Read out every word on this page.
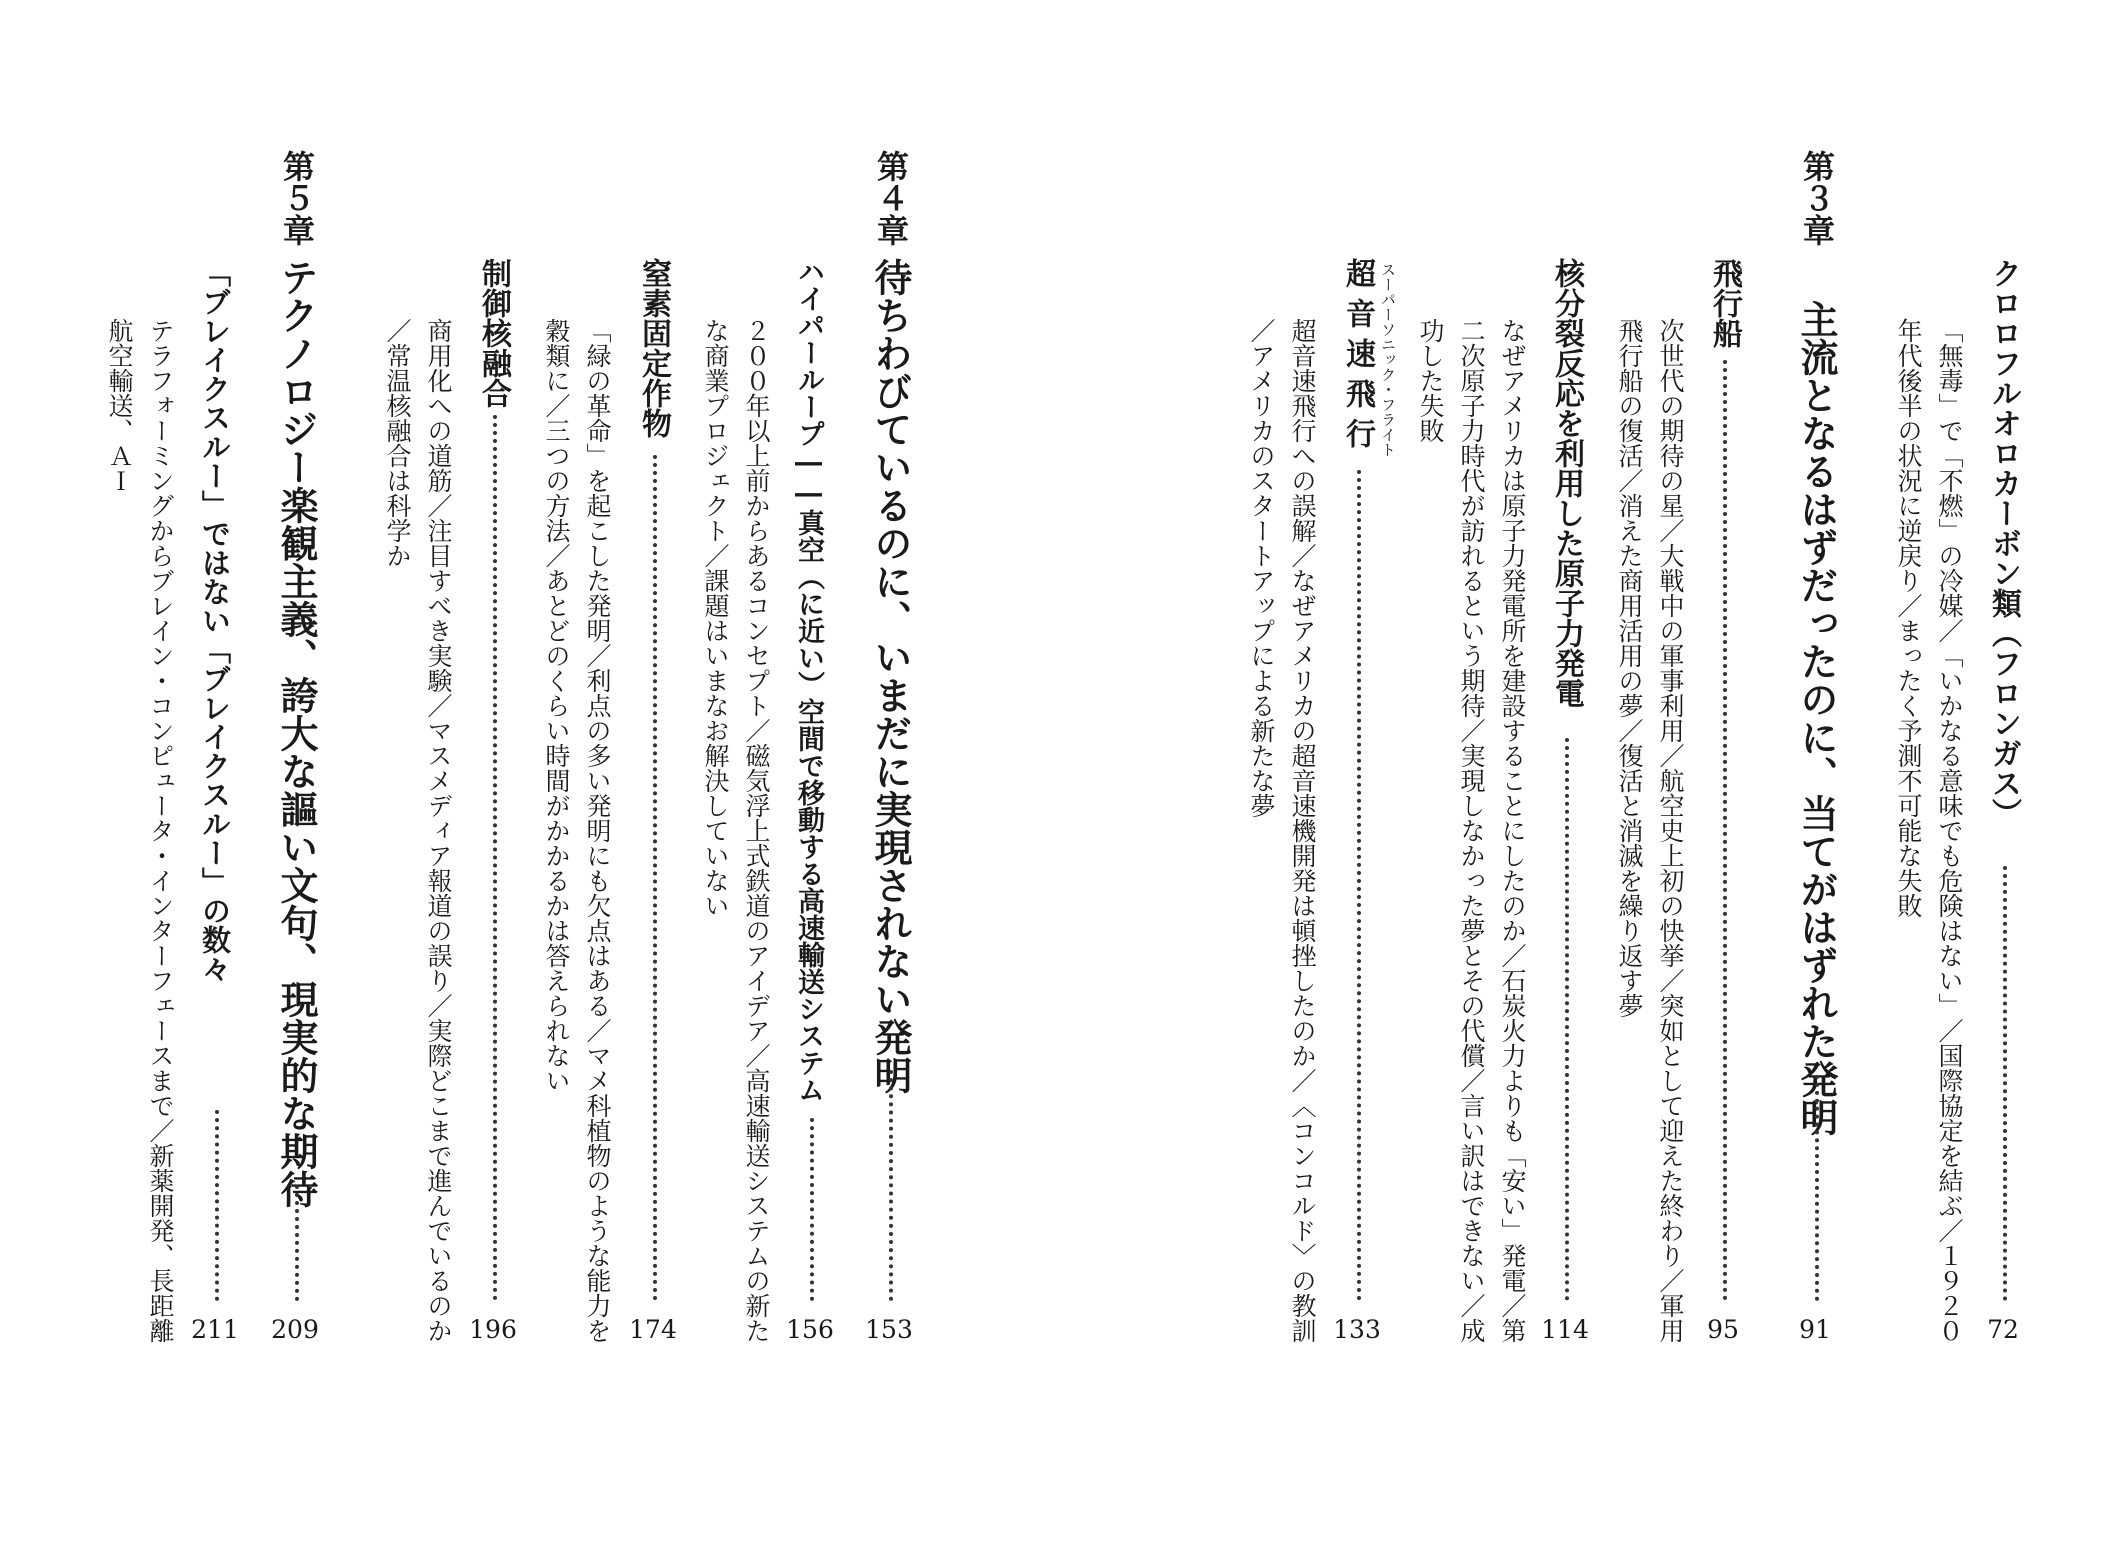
クロロフルオロカーボン類（フロンガス）
72
「無毒」で「不燃」の冷媒／「いかなる意味でも危険はない」／国際協定を結ぶ／１９２０
年代後半の状況に逆戻り／まったく予測不可能な失敗
第３章
主流となるはずだったのに、当てがはずれた発明
91
飛行船
95
次世代の期待の星／大戦中の軍事利用／航空史上初の快挙／突如として迎えた終わり／軍用
飛行船の復活／消えた商用活用の夢／復活と消滅を繰り返す夢
核分裂反応を利用した原子力発電
114
なぜアメリカは原子力発電所を建設することにしたのか／石炭火力よりも「安い」発電／第
二次原子力時代が訪れるという期待／実現しなかった夢とその代償／言い訳はできない／成
功した失敗
スーパーソニック・フライト
超音速飛行
133
超音速飛行への誤解／なぜアメリカの超音速機開発は頓挫したのか／〈コンコルド〉の教訓
／アメリカのスタートアップによる新たな夢
第４章
待ちわびているのに、いまだに実現されない発明
153
ハイパーループ――真空（に近い）空間で移動する高速輸送システム
156
２００年以上前からあるコンセプト／磁気浮上式鉄道のアイデア／高速輸送システムの新た
な商業プロジェクト／課題はいまなお解決していない
窒素固定作物
174
「緑の革命」を起こした発明／利点の多い発明にも欠点はある／マメ科植物のような能力を
穀類に／三つの方法／あとどのくらい時間がかかるかは答えられない
制御核融合
196
商用化への道筋／注目すべき実験／マスメディア報道の誤り／実際どこまで進んでいるのか
／常温核融合は科学か
第５章
テクノロジー楽観主義、誇大な謳い文句、現実的な期待
209
「ブレイクスルー」ではない「ブレイクスルー」の数々
211
テラフォーミングからブレイン・コンピュータ・インターフェースまで／新薬開発、長距離
航空輸送、ＡＩ
